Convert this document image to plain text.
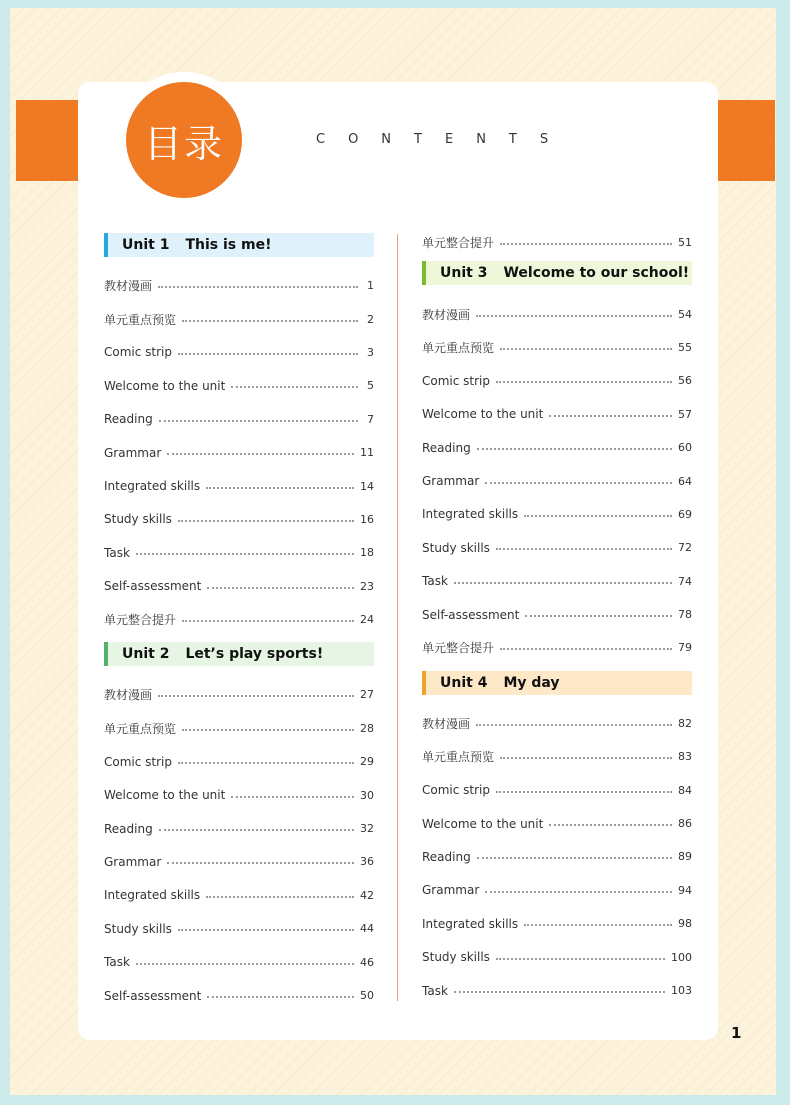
目录	CONTENTS
Unit 1 This is me!
教材漫画	1
单元重点预览	2
Comic strip	3
Welcome to the unit	5
Reading	7
Grammar	11
Integrated skills	14
Study skills	16
Task	18
Self-assessment	23
单元整合提升	24
Unit 2 Let’s play sports!
教材漫画	27
单元重点预览	28
Comic strip	29
Welcome to the unit	30
Reading	32
Grammar	36
Integrated skills	42
Study skills	44
Task	46
Self-assessment	50
单元整合提升	51
Unit 3 Welcome to our school!
教材漫画	54
单元重点预览	55
Comic strip	56
Welcome to the unit	57
Reading	60
Grammar	64
Integrated skills	69
Study skills	72
Task	74
Self-assessment	78
单元整合提升	79
Unit 4 My day
教材漫画	82
单元重点预览	83
Comic strip	84
Welcome to the unit	86
Reading	89
Grammar	94
Integrated skills	98
Study skills	100
Task	103
1
